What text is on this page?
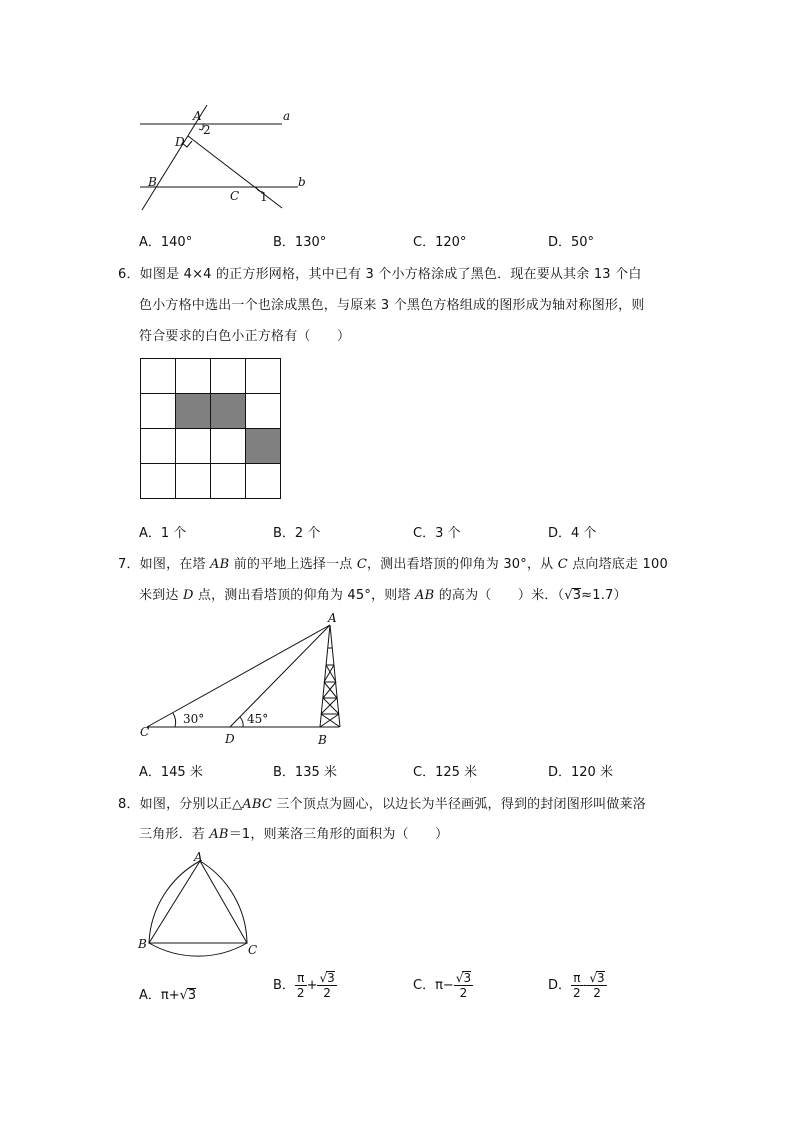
A
2
a
D
B
C 1
b
A．140°	B．130°	C．120°	D．50°
6．如图是 4×4 的正方形网格，其中已有 3 个小方格涂成了黑色．现在要从其余 13 个白
色小方格中选出一个也涂成黑色，与原来 3 个黑色方格组成的图形成为轴对称图形，则
符合要求的白色小正方格有（　　）
A．1 个	B．2 个	C．3 个	D．4 个
7．如图，在塔 AB 前的平地上选择一点 C，测出看塔顶的仰角为 30°，从 C 点向塔底走 100
米到达 D 点，测出看塔顶的仰角为 45°，则塔 AB 的高为（　　）米．（√3≈1.7）
A
C	D	B
30°	45°
A．145 米	B．135 米	C．125 米	D．120 米
8．如图，分别以正△ABC 三个顶点为圆心，以边长为半径画弧，得到的封闭图形叫做莱洛
三角形．若 AB＝1，则莱洛三角形的面积为（　　）
A
B	C
A．π+√3
B． $\frac{\pi}{2} + \frac{√3}{2}$	C．$\pi- \frac{√3}{2}$	D． $\frac{\pi}{2} - \frac{√3}{2}$
